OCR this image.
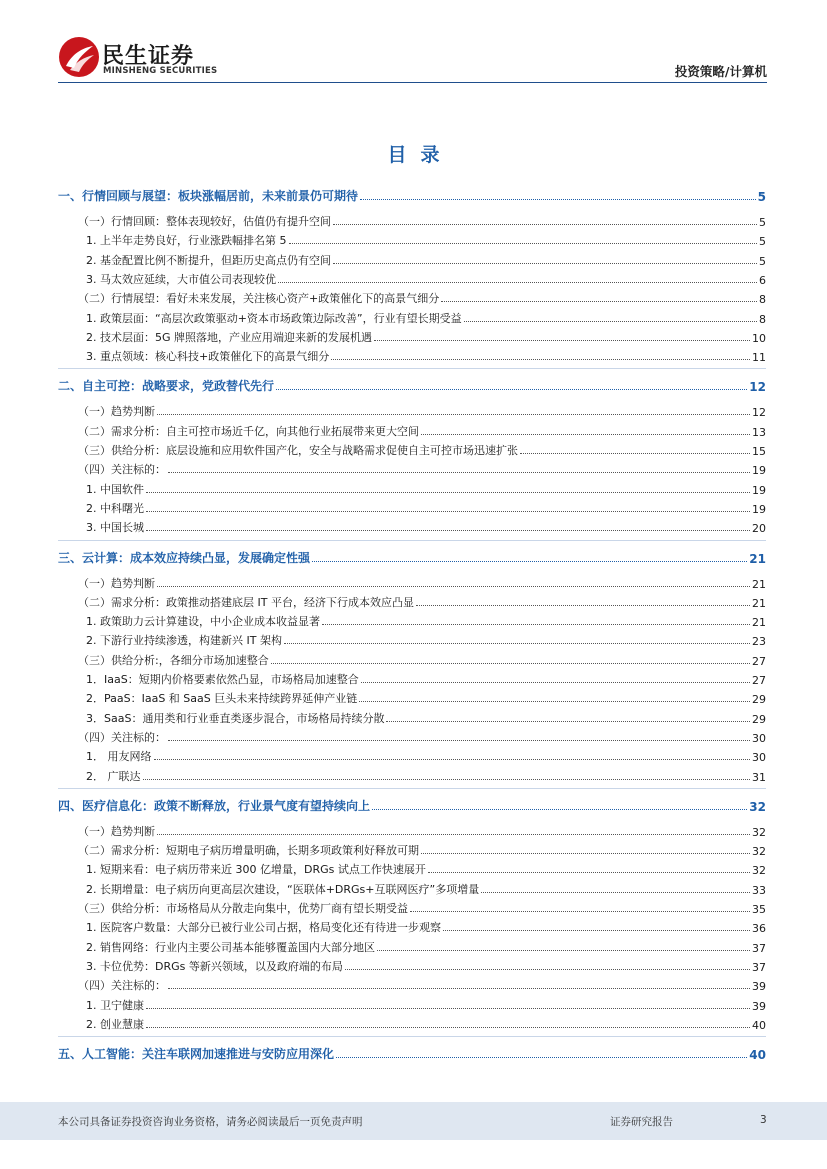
民生证券
MINSHENG SECURITIES	投资策略/计算机
目录
一、行情回顾与展望：板块涨幅居前，未来前景仍可期待	5
（一）行情回顾：整体表现较好，估值仍有提升空间	5
1. 上半年走势良好，行业涨跌幅排名第 5	5
2. 基金配置比例不断提升，但距历史高点仍有空间	5
3. 马太效应延续，大市值公司表现较优	6
（二）行情展望：看好未来发展，关注核心资产+政策催化下的高景气细分	8
1. 政策层面：“高层次政策驱动+资本市场政策边际改善”，行业有望长期受益	8
2. 技术层面：5G 牌照落地，产业应用端迎来新的发展机遇	10
3. 重点领域：核心科技+政策催化下的高景气细分	11
二、自主可控：战略要求，党政替代先行	12
（一）趋势判断	12
（二）需求分析：自主可控市场近千亿，向其他行业拓展带来更大空间	13
（三）供给分析：底层设施和应用软件国产化，安全与战略需求促使自主可控市场迅速扩张	15
（四）关注标的：	19
1. 中国软件	19
2. 中科曙光	19
3. 中国长城	20
三、云计算：成本效应持续凸显，发展确定性强	21
（一）趋势判断	21
（二）需求分析：政策推动搭建底层 IT 平台，经济下行成本效应凸显	21
1. 政策助力云计算建设，中小企业成本收益显著	21
2. 下游行业持续渗透，构建新兴 IT 架构	23
（三）供给分析:，各细分市场加速整合	27
1．IaaS：短期内价格要素依然凸显，市场格局加速整合	27
2．PaaS：IaaS 和 SaaS 巨头未来持续跨界延伸产业链	29
3．SaaS：通用类和行业垂直类逐步混合，市场格局持续分散	29
（四）关注标的：	30
1． 用友网络	30
2． 广联达	31
四、医疗信息化：政策不断释放，行业景气度有望持续向上	32
（一）趋势判断	32
（二）需求分析：短期电子病历增量明确，长期多项政策利好释放可期	32
1. 短期来看：电子病历带来近 300 亿增量，DRGs 试点工作快速展开	32
2. 长期增量：电子病历向更高层次建设，“医联体+DRGs+互联网医疗”多项增量	33
（三）供给分析：市场格局从分散走向集中，优势厂商有望长期受益	35
1. 医院客户数量：大部分已被行业公司占据，格局变化还有待进一步观察	36
2. 销售网络：行业内主要公司基本能够覆盖国内大部分地区	37
3. 卡位优势：DRGs 等新兴领域，以及政府端的布局	37
（四）关注标的：	39
1. 卫宁健康	39
2. 创业慧康	40
五、人工智能：关注车联网加速推进与安防应用深化	40
本公司具备证券投资咨询业务资格，请务必阅读最后一页免责声明	证券研究报告	3
